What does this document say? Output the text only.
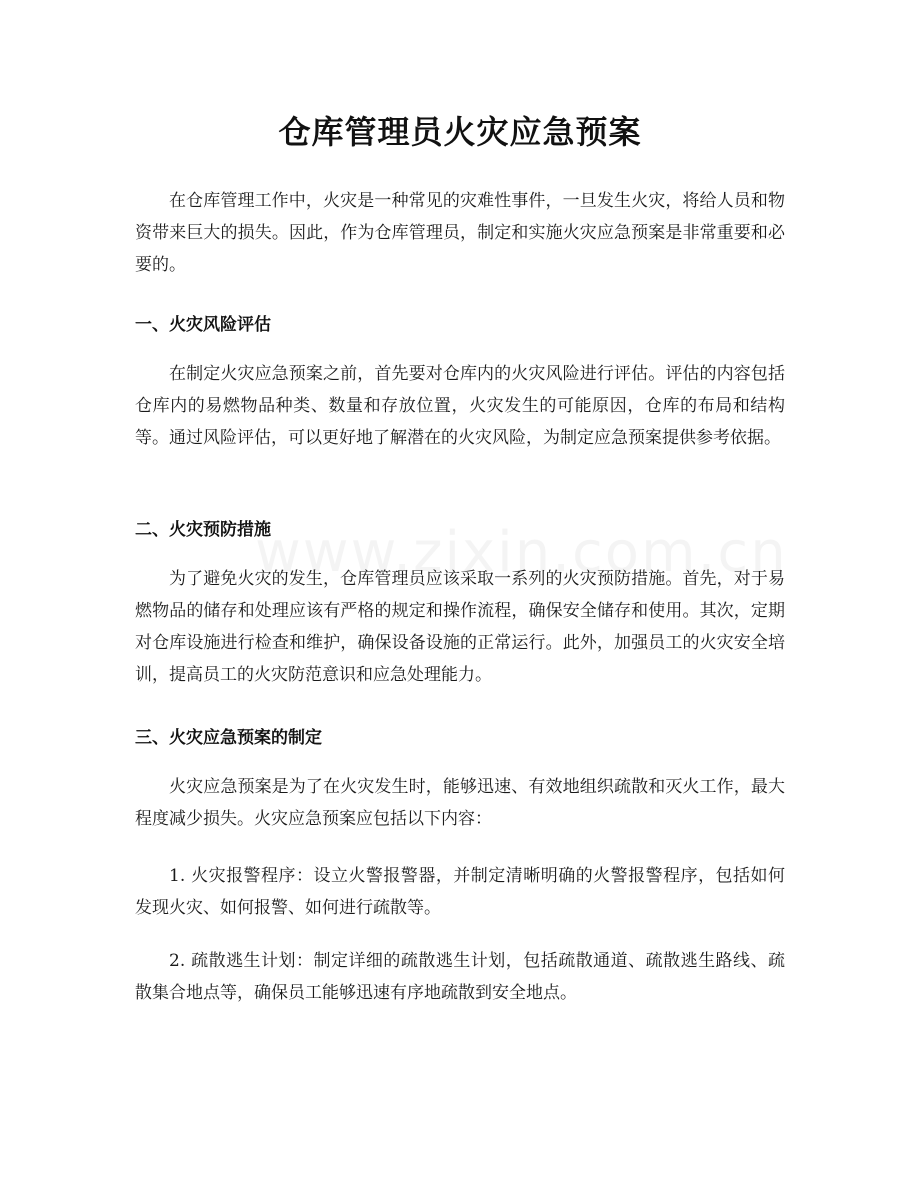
仓库管理员火灾应急预案

在仓库管理工作中，火灾是一种常见的灾难性事件，一旦发生火灾，将给人员和物资带来巨大的损失。因此，作为仓库管理员，制定和实施火灾应急预案是非常重要和必要的。

一、火灾风险评估

在制定火灾应急预案之前，首先要对仓库内的火灾风险进行评估。评估的内容包括仓库内的易燃物品种类、数量和存放位置，火灾发生的可能原因，仓库的布局和结构等。通过风险评估，可以更好地了解潜在的火灾风险，为制定应急预案提供参考依据。

二、火灾预防措施

为了避免火灾的发生，仓库管理员应该采取一系列的火灾预防措施。首先，对于易燃物品的储存和处理应该有严格的规定和操作流程，确保安全储存和使用。其次，定期对仓库设施进行检查和维护，确保设备设施的正常运行。此外，加强员工的火灾安全培训，提高员工的火灾防范意识和应急处理能力。

三、火灾应急预案的制定

火灾应急预案是为了在火灾发生时，能够迅速、有效地组织疏散和灭火工作，最大程度减少损失。火灾应急预案应包括以下内容：

1. 火灾报警程序：设立火警报警器，并制定清晰明确的火警报警程序，包括如何发现火灾、如何报警、如何进行疏散等。

2. 疏散逃生计划：制定详细的疏散逃生计划，包括疏散通道、疏散逃生路线、疏散集合地点等，确保员工能够迅速有序地疏散到安全地点。
